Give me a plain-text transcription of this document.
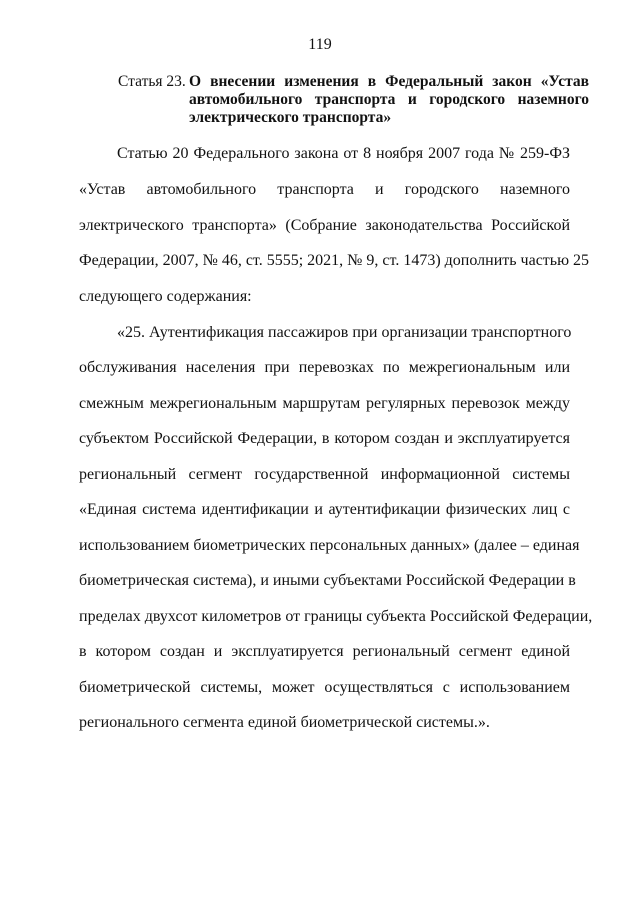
119
Статья 23. О внесении изменения в Федеральный закон «Устав
автомобильного транспорта и городского наземного
электрического транспорта»
Статью 20 Федерального закона от 8 ноября 2007 года № 259-ФЗ
«Устав автомобильного транспорта и городского наземного
электрического транспорта» (Собрание законодательства Российской
Федерации, 2007, № 46, ст. 5555; 2021, № 9, ст. 1473) дополнить частью 25
следующего содержания:
«25. Аутентификация пассажиров при организации транспортного
обслуживания населения при перевозках по межрегиональным или
смежным межрегиональным маршрутам регулярных перевозок между
субъектом Российской Федерации, в котором создан и эксплуатируется
региональный сегмент государственной информационной системы
«Единая система идентификации и аутентификации физических лиц с
использованием биометрических персональных данных» (далее – единая
биометрическая система), и иными субъектами Российской Федерации в
пределах двухсот километров от границы субъекта Российской Федерации,
в котором создан и эксплуатируется региональный сегмент единой
биометрической системы, может осуществляться с использованием
регионального сегмента единой биометрической системы.».
